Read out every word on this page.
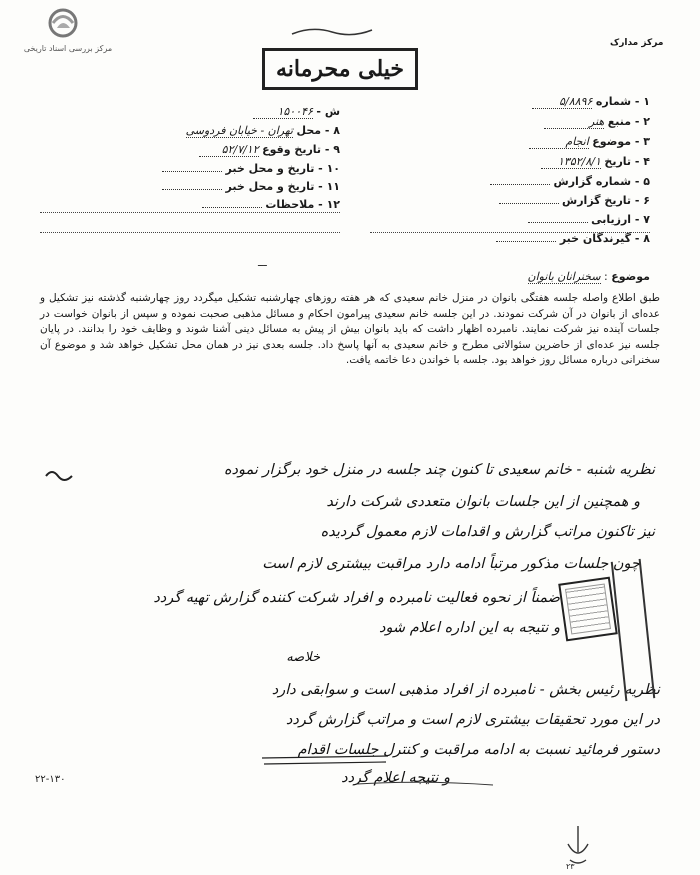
مرکز بررسی اسناد تاریخی
مرکز مدارک
خیلی محرمانه
۱ - شماره ۵/۸۸۹۶
۲ - منبع هنر
۳ - موضوع انجام
۴ - تاریخ ۱۳۵۲/۸/۱
۵ - شماره گزارش
۶ - تاریخ گزارش
۷ - ارزیابی
۸ - گیرندگان خبر
ش - ۱۵۰۰۴۶
۸ - محل تهران - خیابان فردوسی
۹ - تاریخ وقوع ۵۲/۷/۱۲
۱۰ - تاریخ و محل خبر
۱۱ - تاریخ و محل خبر
۱۲ - ملاحظات
ـــ
موضوع : سخنرانان بانوان
طبق اطلاع واصله جلسه هفتگی بانوان در منزل خانم سعیدی که هر هفته روزهای چهارشنبه تشکیل میگردد روز چهارشنبه گذشته نیز تشکیل و عده‌ای از بانوان در آن شرکت نمودند. در این جلسه خانم سعیدی پیرامون احکام و مسائل مذهبی صحبت نموده و سپس از بانوان خواست در جلسات آینده نیز شرکت نمایند. نامبرده اظهار داشت که باید بانوان بیش از پیش به مسائل دینی آشنا شوند و وظایف خود را بدانند. در پایان جلسه نیز عده‌ای از حاضرین سئوالاتی مطرح و خانم سعیدی به آنها پاسخ داد. جلسه بعدی نیز در همان محل تشکیل خواهد شد و موضوع آن سخنرانی درباره مسائل روز خواهد بود. جلسه با خواندن دعا خاتمه یافت.
نظریه شنبه - خانم سعیدی تا کنون چند جلسه در منزل خود برگزار نموده
و همچنین از این جلسات بانوان متعددی شرکت دارند
نیز تاکنون مراتب گزارش و اقدامات لازم معمول گردیده
چون جلسات مذکور مرتباً ادامه دارد مراقبت بیشتری لازم است
ضمناً از نحوه فعالیت نامبرده و افراد شرکت کننده گزارش تهیه گردد
و نتیجه به این اداره اعلام شود
خلاصه
نظریه رئیس بخش - نامبرده از افراد مذهبی است و سوابقی دارد
در این مورد تحقیقات بیشتری لازم است و مراتب گزارش گردد
دستور فرمائید نسبت به ادامه مراقبت و کنترل جلسات اقدام
و نتیجه اعلام گردد
۲۲-۱۳۰
۲۳
